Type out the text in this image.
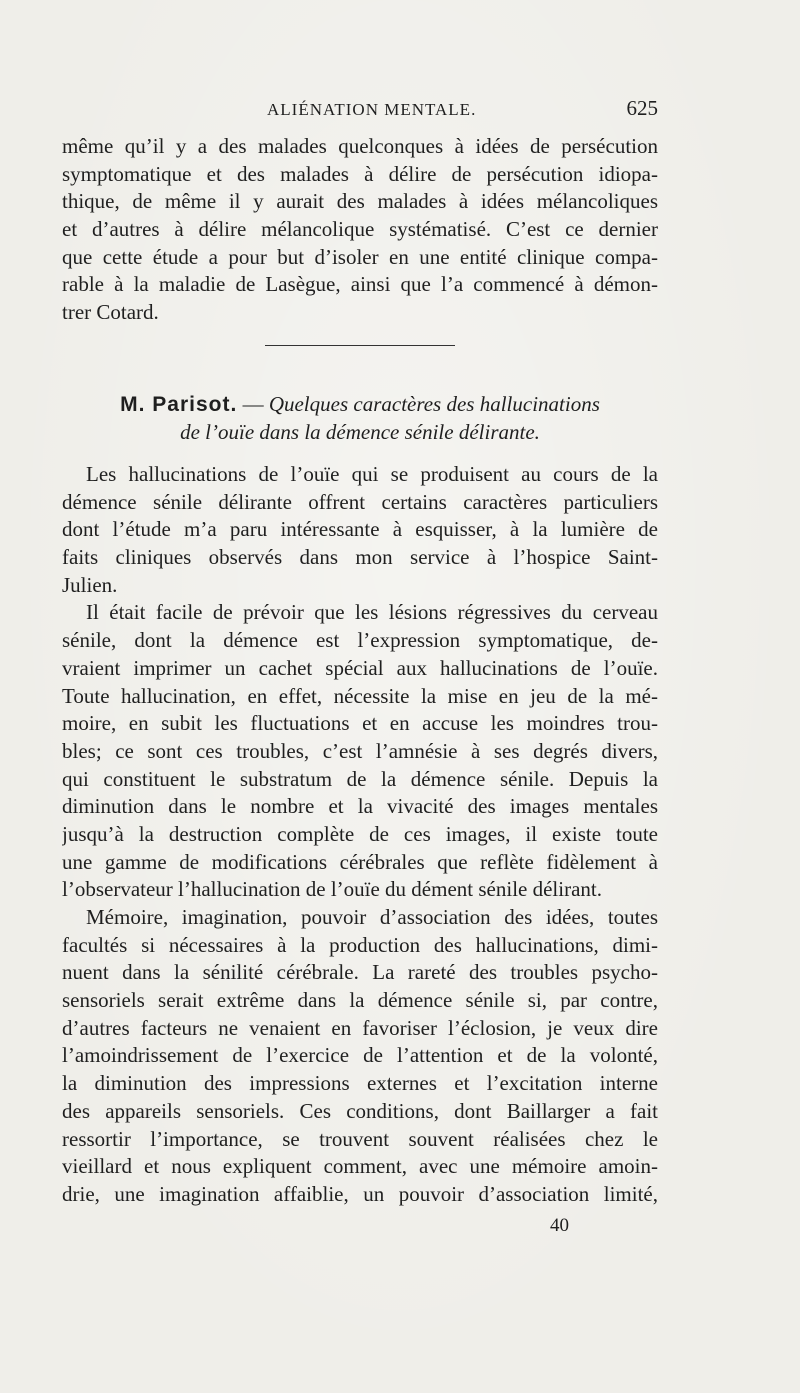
ALIÉNATION MENTALE.	625
même qu’il y a des malades quelconques à idées de persécution
symptomatique et des malades à délire de persécution idiopa-
thique, de même il y aurait des malades à idées mélancoliques
et d’autres à délire mélancolique systématisé. C’est ce dernier
que cette étude a pour but d’isoler en une entité clinique compa-
rable à la maladie de Lasègue, ainsi que l’a commencé à démon-
trer Cotard.
M. Parisot. — Quelques caractères des hallucinations
de l’ouïe dans la démence sénile délirante.
Les hallucinations de l’ouïe qui se produisent au cours de la
démence sénile délirante offrent certains caractères particuliers
dont l’étude m’a paru intéressante à esquisser, à la lumière de
faits cliniques observés dans mon service à l’hospice Saint-
Julien.
Il était facile de prévoir que les lésions régressives du cerveau
sénile, dont la démence est l’expression symptomatique, de-
vraient imprimer un cachet spécial aux hallucinations de l’ouïe.
Toute hallucination, en effet, nécessite la mise en jeu de la mé-
moire, en subit les fluctuations et en accuse les moindres trou-
bles; ce sont ces troubles, c’est l’amnésie à ses degrés divers,
qui constituent le substratum de la démence sénile. Depuis la
diminution dans le nombre et la vivacité des images mentales
jusqu’à la destruction complète de ces images, il existe toute
une gamme de modifications cérébrales que reflète fidèlement à
l’observateur l’hallucination de l’ouïe du dément sénile délirant.
Mémoire, imagination, pouvoir d’association des idées, toutes
facultés si nécessaires à la production des hallucinations, dimi-
nuent dans la sénilité cérébrale. La rareté des troubles psycho-
sensoriels serait extrême dans la démence sénile si, par contre,
d’autres facteurs ne venaient en favoriser l’éclosion, je veux dire
l’amoindrissement de l’exercice de l’attention et de la volonté,
la diminution des impressions externes et l’excitation interne
des appareils sensoriels. Ces conditions, dont Baillarger a fait
ressortir l’importance, se trouvent souvent réalisées chez le
vieillard et nous expliquent comment, avec une mémoire amoin-
drie, une imagination affaiblie, un pouvoir d’association limité,
40
